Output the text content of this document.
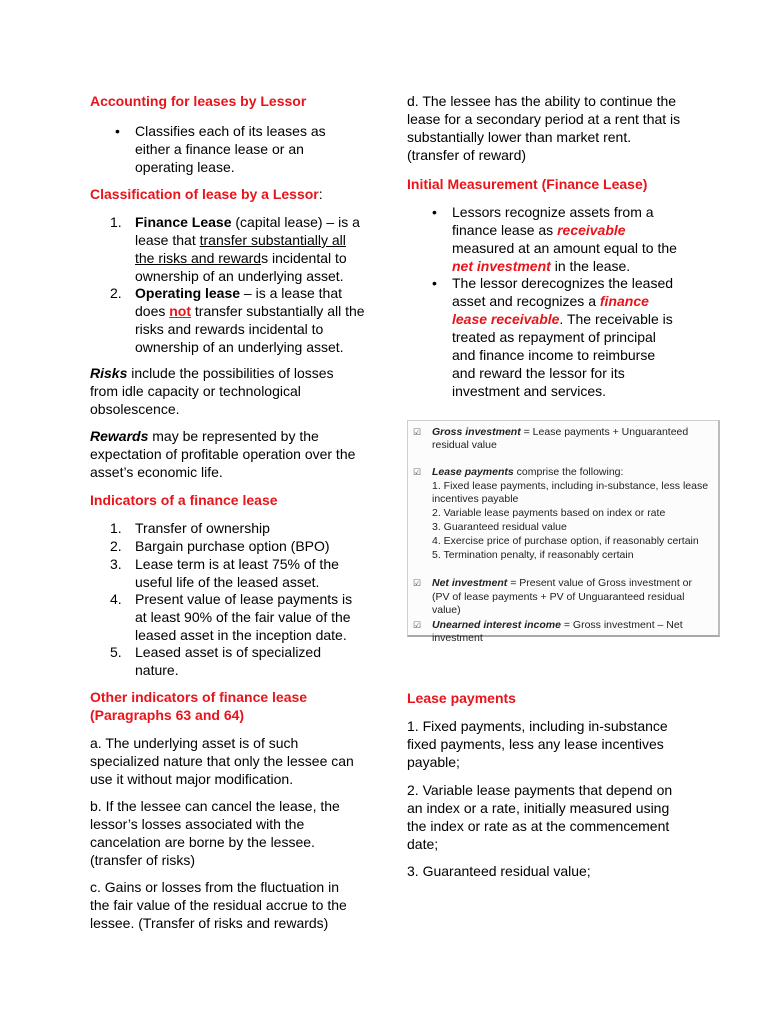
Accounting for leases by Lessor
• Classifies each of its leases as either a finance lease or an operating lease.
Classification of lease by a Lessor:
1. Finance Lease (capital lease) – is a lease that transfer substantially all the risks and rewards incidental to ownership of an underlying asset.
2. Operating lease – is a lease that does not transfer substantially all the risks and rewards incidental to ownership of an underlying asset.
Risks include the possibilities of losses from idle capacity or technological obsolescence.
Rewards may be represented by the expectation of profitable operation over the asset’s economic life.
Indicators of a finance lease
1. Transfer of ownership
2. Bargain purchase option (BPO)
3. Lease term is at least 75% of the useful life of the leased asset.
4. Present value of lease payments is at least 90% of the fair value of the leased asset in the inception date.
5. Leased asset is of specialized nature.
Other indicators of finance lease (Paragraphs 63 and 64)
a. The underlying asset is of such specialized nature that only the lessee can use it without major modification.
b. If the lessee can cancel the lease, the lessor’s losses associated with the cancelation are borne by the lessee. (transfer of risks)
c. Gains or losses from the fluctuation in the fair value of the residual accrue to the lessee. (Transfer of risks and rewards)
d. The lessee has the ability to continue the lease for a secondary period at a rent that is substantially lower than market rent.
(transfer of reward)
Initial Measurement (Finance Lease)
• Lessors recognize assets from a finance lease as receivable measured at an amount equal to the net investment in the lease.
• The lessor derecognizes the leased asset and recognizes a finance lease receivable. The receivable is treated as repayment of principal and finance income to reimburse and reward the lessor for its investment and services.
Lease payments
1. Fixed payments, including in-substance fixed payments, less any lease incentives payable;
2. Variable lease payments that depend on an index or a rate, initially measured using the index or rate as at the commencement date;
3. Guaranteed residual value;
☑ Gross investment = Lease payments + Unguaranteed residual value
☑ Lease payments comprise the following:
1. Fixed lease payments, including in-substance, less lease incentives payable
2. Variable lease payments based on index or rate
3. Guaranteed residual value
4. Exercise price of purchase option, if reasonably certain
5. Termination penalty, if reasonably certain
☑ Net investment = Present value of Gross investment or
(PV of lease payments + PV of Unguaranteed residual value)
☑ Unearned interest income = Gross investment – Net investment
